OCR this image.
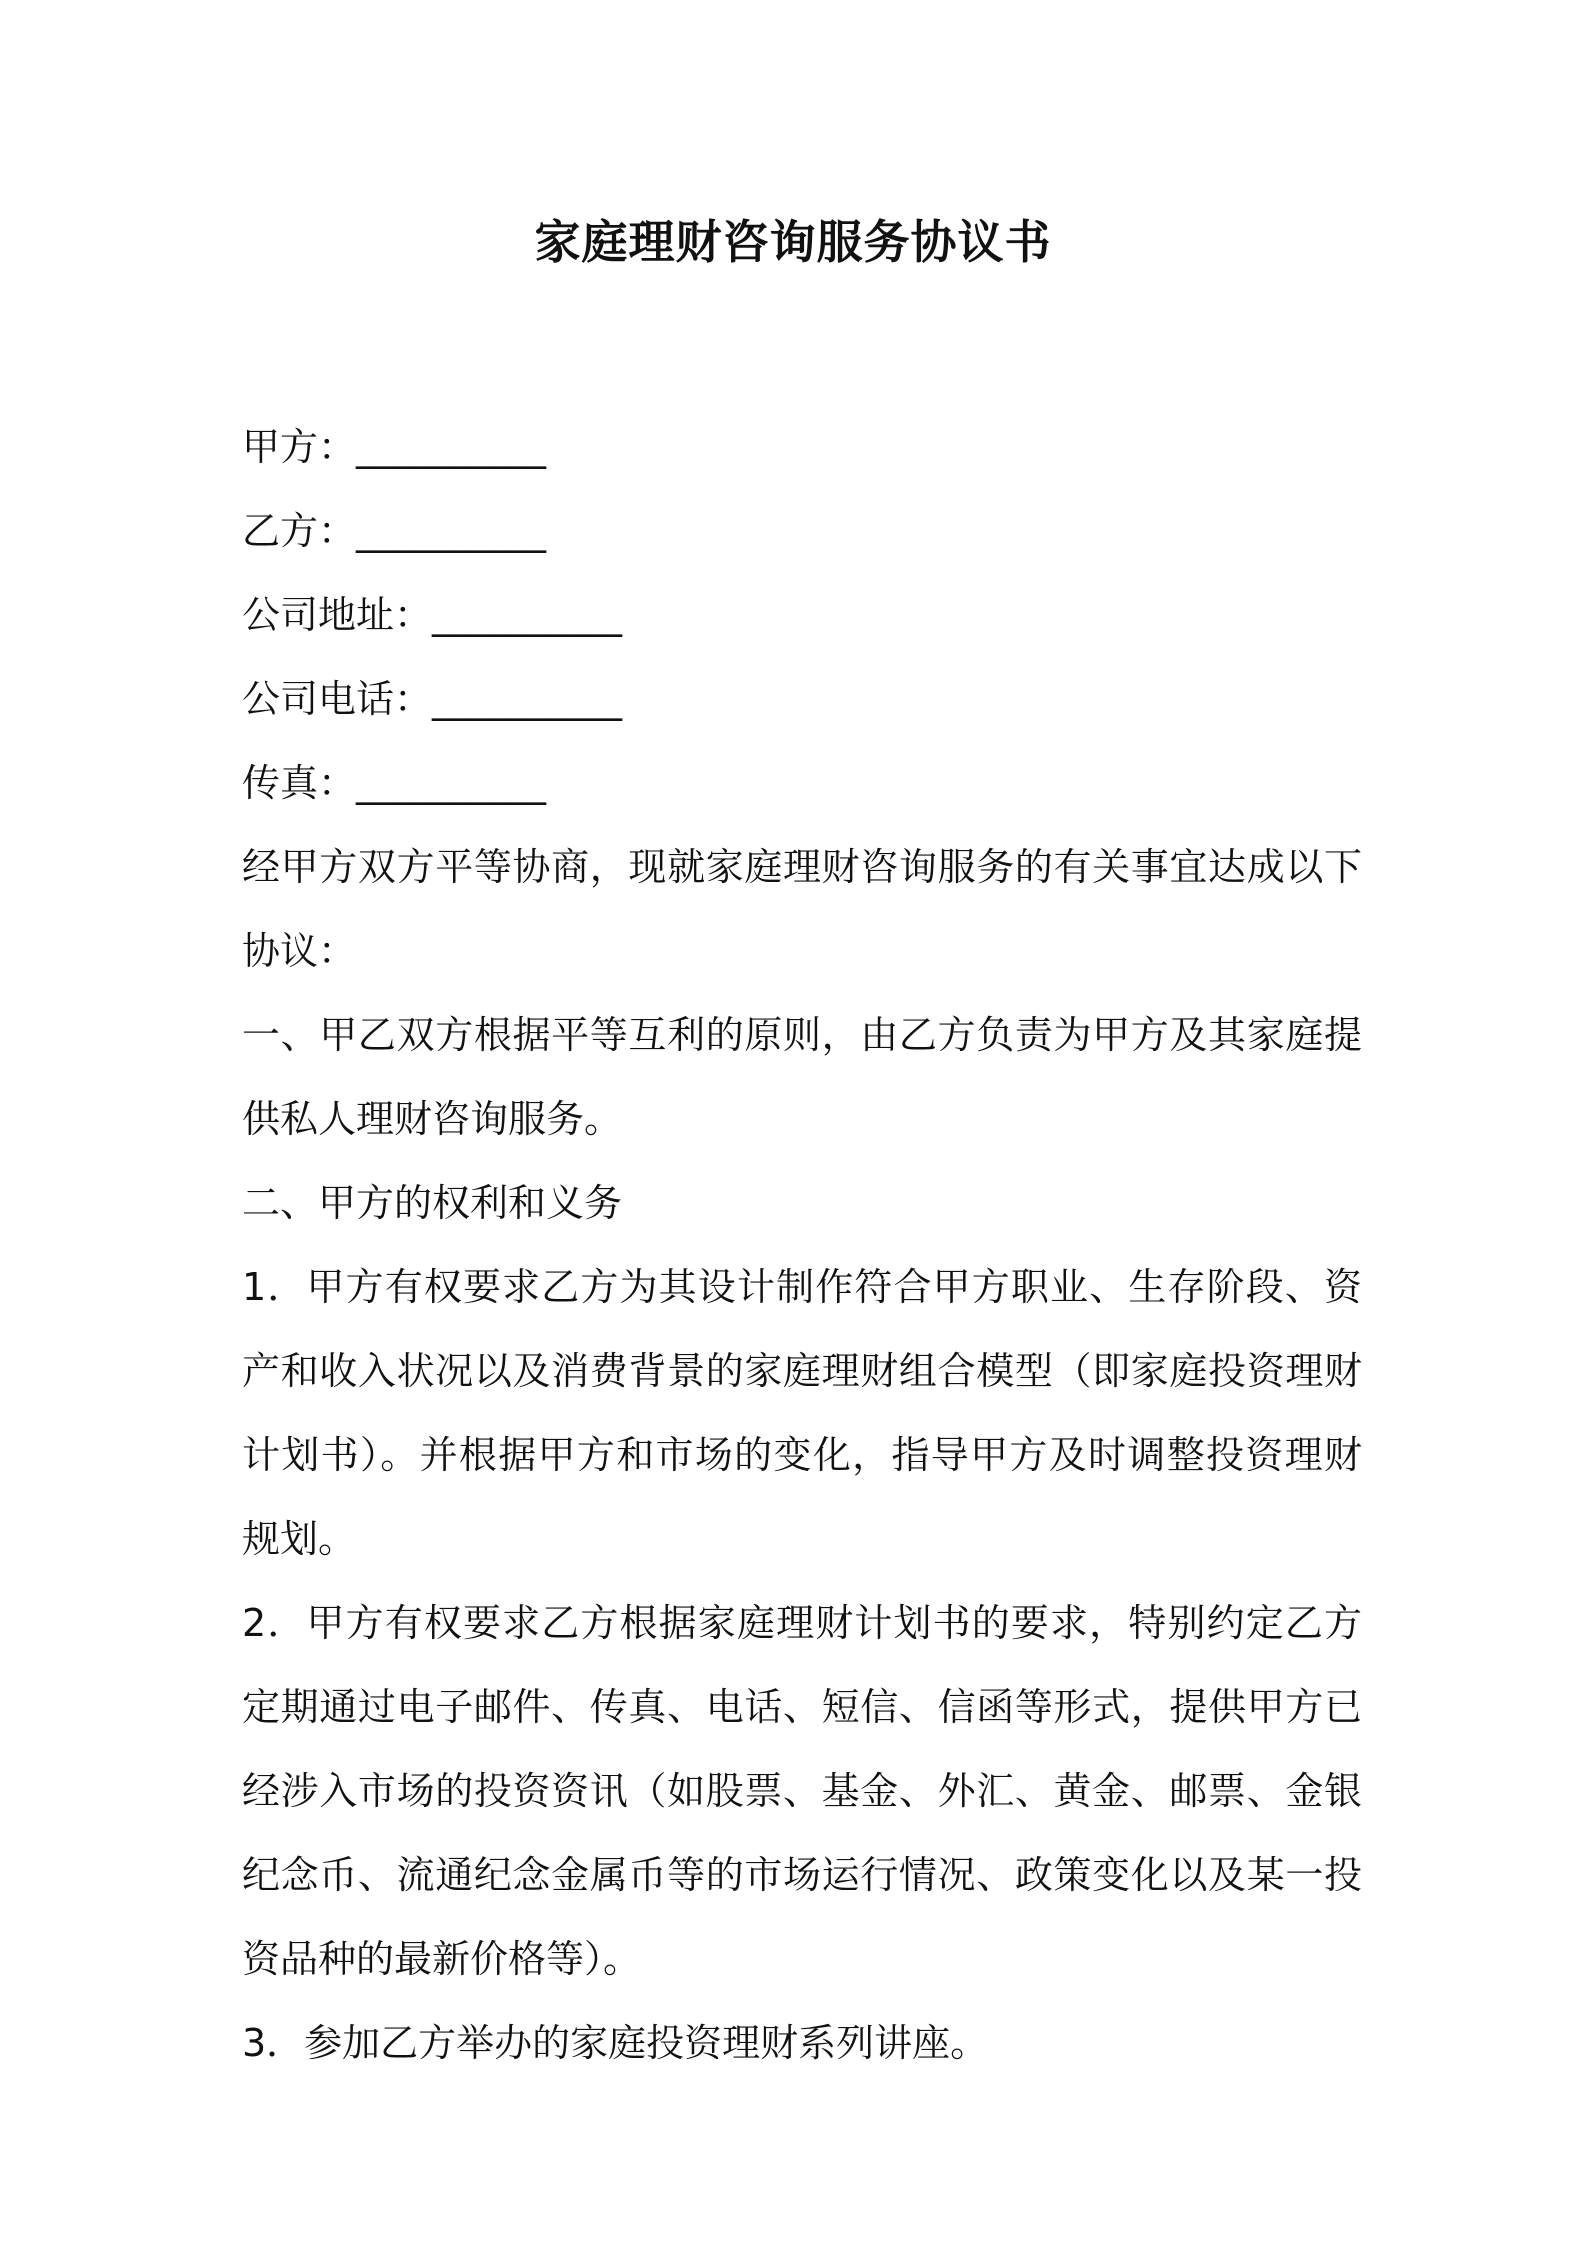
家庭理财咨询服务协议书
甲方：__________
乙方：__________
公司地址：__________
公司电话：__________
传真：__________
经甲方双方平等协商，现就家庭理财咨询服务的有关事宜达成以下协议：
一、甲乙双方根据平等互利的原则，由乙方负责为甲方及其家庭提供私人理财咨询服务。
二、甲方的权利和义务
1．甲方有权要求乙方为其设计制作符合甲方职业、生存阶段、资产和收入状况以及消费背景的家庭理财组合模型（即家庭投资理财计划书）。并根据甲方和市场的变化，指导甲方及时调整投资理财规划。
2．甲方有权要求乙方根据家庭理财计划书的要求，特别约定乙方定期通过电子邮件、传真、电话、短信、信函等形式，提供甲方已经涉入市场的投资资讯（如股票、基金、外汇、黄金、邮票、金银纪念币、流通纪念金属币等的市场运行情况、政策变化以及某一投资品种的最新价格等）。
3．参加乙方举办的家庭投资理财系列讲座。
